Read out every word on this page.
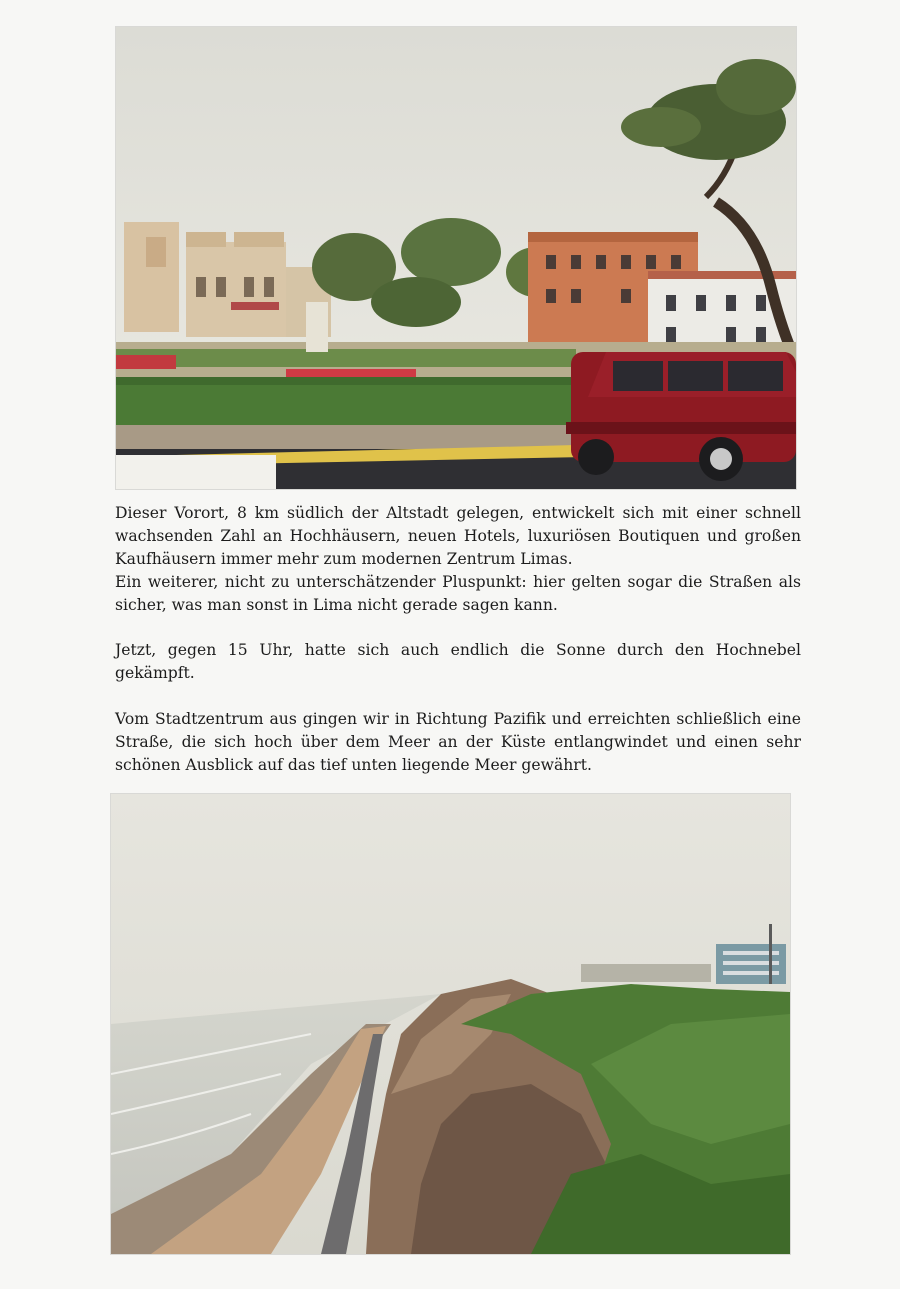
Dieser Vorort, 8 km südlich der Altstadt gelegen, entwickelt sich mit einer schnell wachsenden Zahl an Hochhäusern, neuen Hotels, luxuriösen Boutiquen und großen Kaufhäusern immer mehr zum modernen Zentrum Limas.

Ein weiterer, nicht zu unterschätzender Pluspunkt: hier gelten sogar die Straßen als sicher, was man sonst in Lima nicht gerade sagen kann.

Jetzt, gegen 15 Uhr, hatte sich auch endlich die Sonne durch den Hochnebel gekämpft.

Vom Stadtzentrum aus gingen wir in Richtung Pazifik und erreichten schließlich eine Straße, die sich hoch über dem Meer an der Küste entlangwindet und einen sehr schönen Ausblick auf das tief unten liegende Meer gewährt.
